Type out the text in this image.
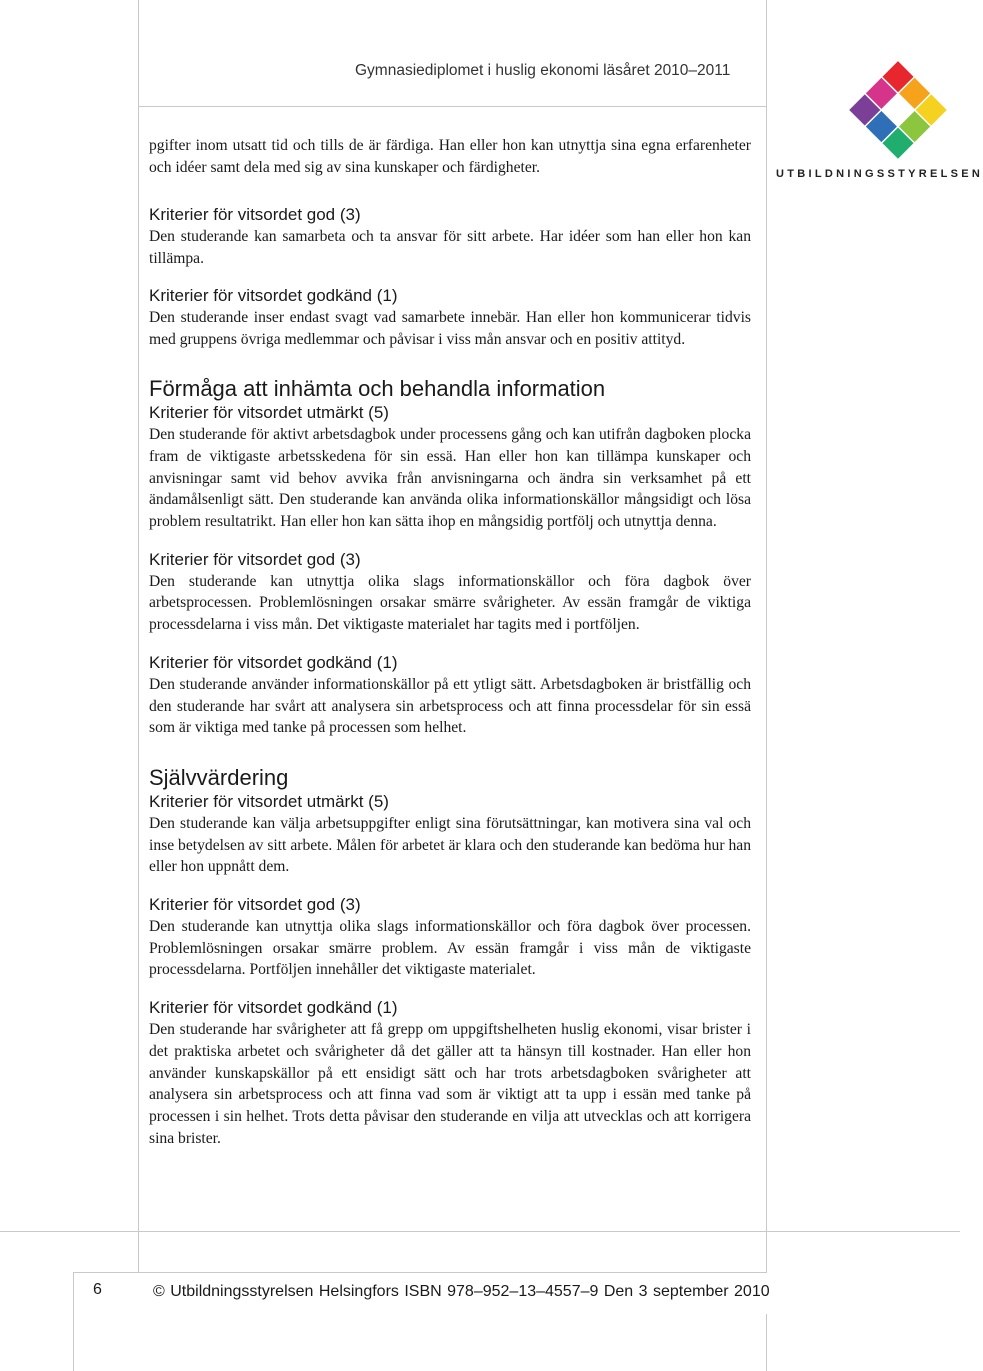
Gymnasiediplomet i huslig ekonomi läsåret 2010–2011
UTBILDNINGSSTYRELSEN

pgifter inom utsatt tid och tills de är färdiga. Han eller hon kan utnyttja sina egna erfarenheter och idéer samt dela med sig av sina kunskaper och färdigheter.

Kriterier för vitsordet god (3)

Den studerande kan samarbeta och ta ansvar för sitt arbete. Har idéer som han eller hon kan tillämpa.

Kriterier för vitsordet godkänd (1)

Den studerande inser endast svagt vad samarbete innebär. Han eller hon kommunicerar tidvis med gruppens övriga medlemmar och påvisar i viss mån ansvar och en positiv attityd.

Förmåga att inhämta och behandla information
Kriterier för vitsordet utmärkt (5)

Den studerande för aktivt arbetsdagbok under processens gång och kan utifrån dagboken plocka fram de viktigaste arbetsskedena för sin essä. Han eller hon kan tillämpa kunskaper och anvisningar samt vid behov avvika från anvisningarna och ändra sin verksamhet på ett ändamålsenligt sätt. Den studerande kan använda olika informationskällor mångsidigt och lösa problem resultatrikt. Han eller hon kan sätta ihop en mångsidig portfölj och utnyttja denna.

Kriterier för vitsordet god (3)

Den studerande kan utnyttja olika slags informationskällor och föra dagbok över arbetsprocessen. Problemlösningen orsakar smärre svårigheter. Av essän framgår de viktiga processdelarna i viss mån. Det viktigaste materialet har tagits med i portföljen.

Kriterier för vitsordet godkänd (1)

Den studerande använder informationskällor på ett ytligt sätt. Arbetsdagboken är bristfällig och den studerande har svårt att analysera sin arbetsprocess och att finna processdelar för sin essä som är viktiga med tanke på processen som helhet.

Självvärdering
Kriterier för vitsordet utmärkt (5)

Den studerande kan välja arbetsuppgifter enligt sina förutsättningar, kan motivera sina val och inse betydelsen av sitt arbete. Målen för arbetet är klara och den studerande kan bedöma hur han eller hon uppnått dem.

Kriterier för vitsordet god (3)

Den studerande kan utnyttja olika slags informationskällor och föra dagbok över processen. Problemlösningen orsakar smärre problem. Av essän framgår i viss mån de viktigaste processdelarna. Portföljen innehåller det viktigaste materialet.

Kriterier för vitsordet godkänd (1)

Den studerande har svårigheter att få grepp om uppgiftshelheten huslig ekonomi, visar brister i det praktiska arbetet och svårigheter då det gäller att ta hänsyn till kostnader. Han eller hon använder kunskapskällor på ett ensidigt sätt och har trots arbetsdagboken svårigheter att analysera sin arbetsprocess och att finna vad som är viktigt att ta upp i essän med tanke på processen i sin helhet. Trots detta påvisar den studerande en vilja att utvecklas och att korrigera sina brister.

6	© Utbildningsstyrelsen Helsingfors ISBN 978–952–13–4557–9 Den 3 september 2010
